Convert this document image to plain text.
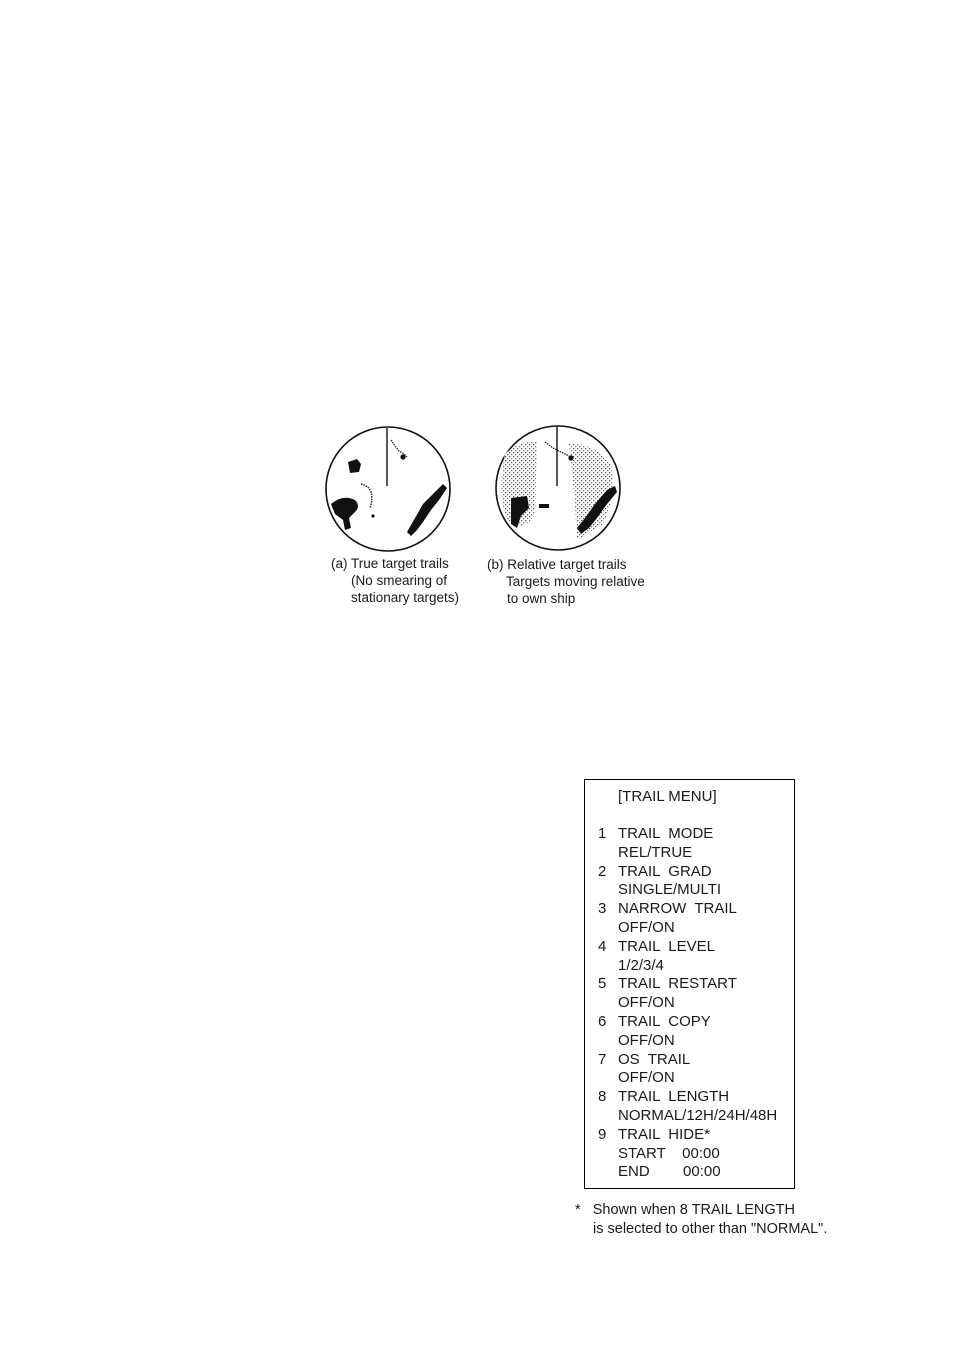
(a) True target trails
(No smearing of
stationary targets)
(b) Relative target trails
Targets moving relative
to own ship
[TRAIL MENU]
1 TRAIL  MODE
REL/TRUE
2 TRAIL  GRAD
SINGLE/MULTI
3 NARROW  TRAIL
OFF/ON
4 TRAIL  LEVEL
1/2/3/4
5 TRAIL  RESTART
OFF/ON
6 TRAIL  COPY
OFF/ON
7 OS  TRAIL
OFF/ON
8 TRAIL  LENGTH
NORMAL/12H/24H/48H
9 TRAIL  HIDE*
START    00:00
END        00:00
*   Shown when 8 TRAIL LENGTH
is selected to other than "NORMAL".
